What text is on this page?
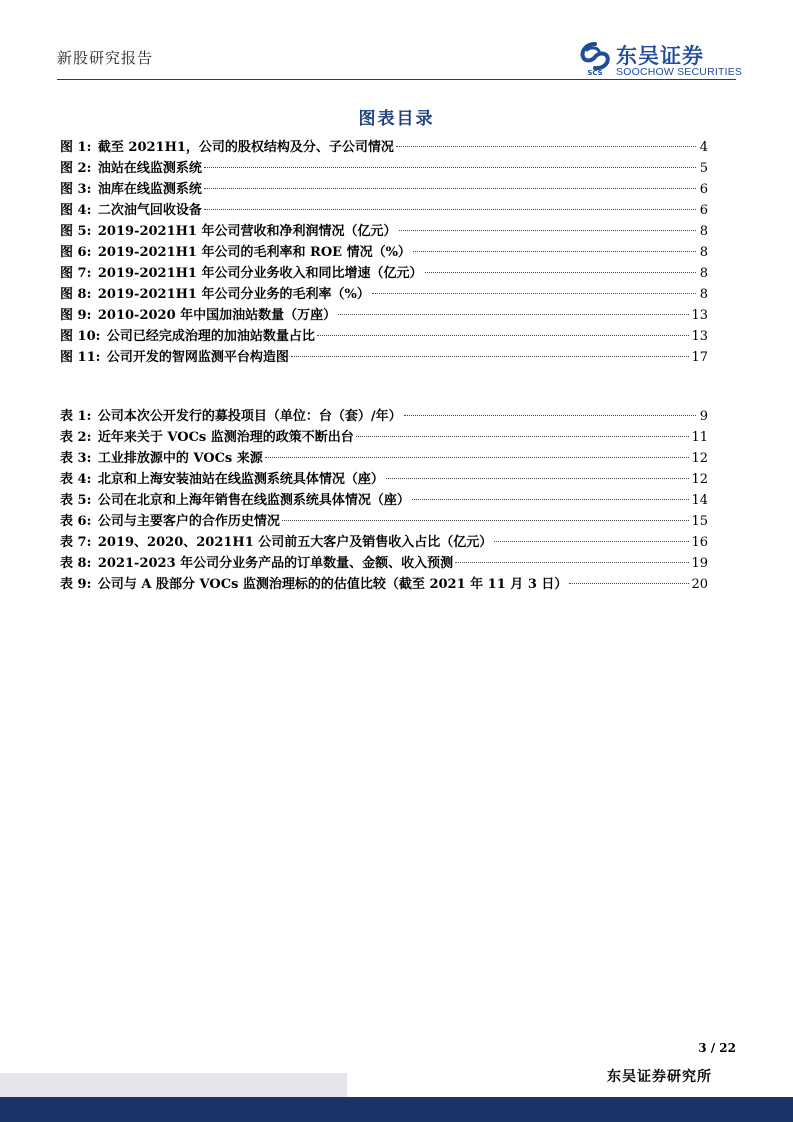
新股研究报告
SCS
东吴证券
SOOCHOW SECURITIES
图表目录
图 1:
  截至 2021H1，公司的股权结构及分、子公司情况	4
图 2:
  油站在线监测系统	5
图 3:
  油库在线监测系统	6
图 4:
  二次油气回收设备	6
图 5:
  2019-2021H1 年公司营收和净利润情况（亿元）	8
图 6:
  2019-2021H1 年公司的毛利率和 ROE 情况（%）	8
图 7:
  2019-2021H1 年公司分业务收入和同比增速（亿元）	8
图 8:
  2019-2021H1 年公司分业务的毛利率（%）	8
图 9:
  2010-2020 年中国加油站数量（万座）	13
图 10:
  公司已经完成治理的加油站数量占比	13
图 11:
  公司开发的智网监测平台构造图	17
表 1:
  公司本次公开发行的募投项目（单位：台（套）/年）	9
表 2:
  近年来关于 VOCs 监测治理的政策不断出台	11
表 3:
  工业排放源中的 VOCs 来源	12
表 4:
  北京和上海安装油站在线监测系统具体情况（座）	12
表 5:
  公司在北京和上海年销售在线监测系统具体情况（座）	14
表 6:
  公司与主要客户的合作历史情况	15
表 7:
  2019、2020、2021H1 公司前五大客户及销售收入占比（亿元）	16
表 8:
  2021-2023 年公司分业务产品的订单数量、金额、收入预测	19
表 9:
  公司与 A 股部分 VOCs 监测治理标的的估值比较（截至 2021 年 11 月 3 日）	20
3 / 22
东吴证券研究所
